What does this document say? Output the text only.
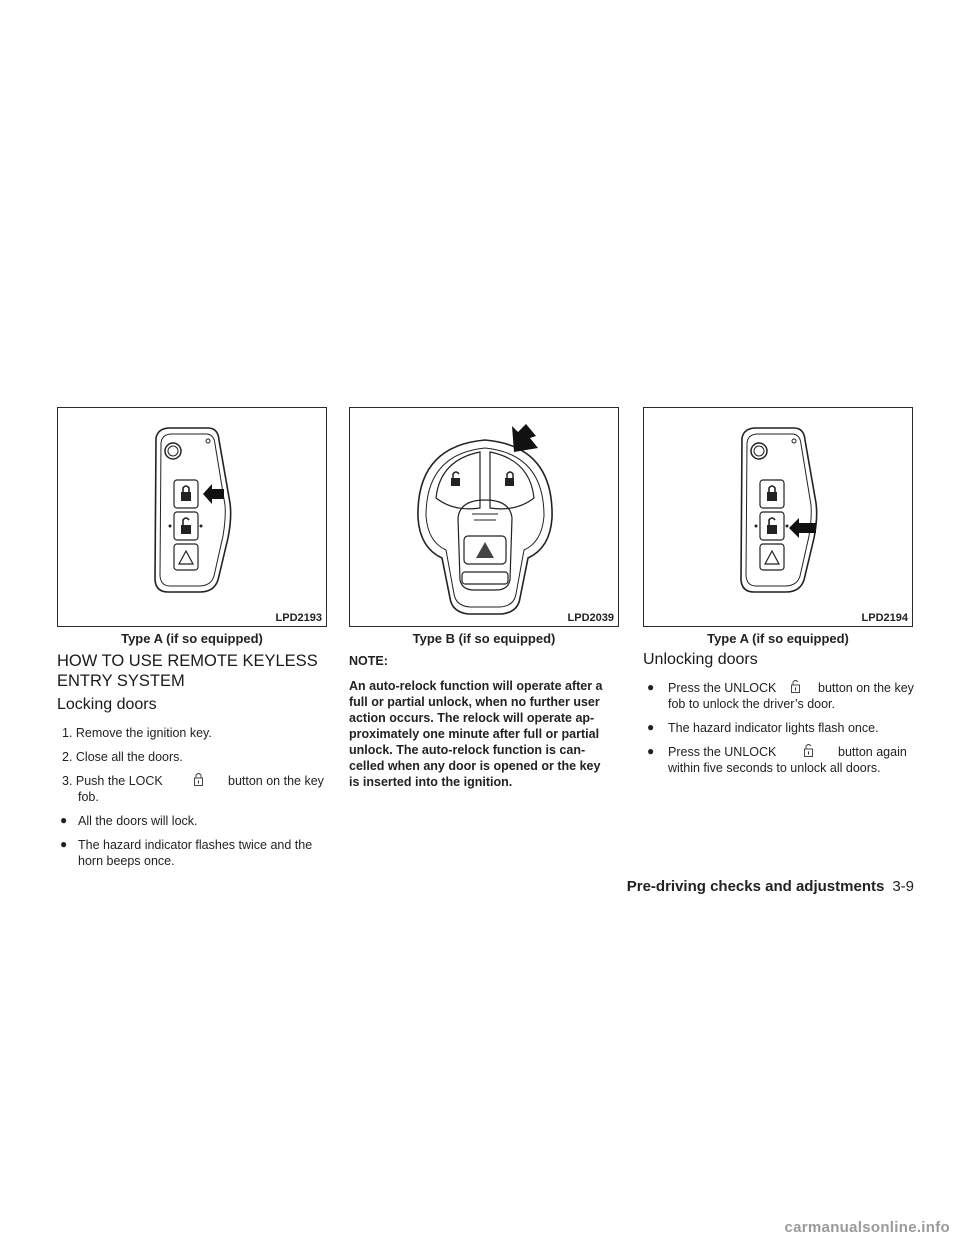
LPD2193
Type A (if so equipped)
LPD2039
Type B (if so equipped)
LPD2194
Type A (if so equipped)
HOW TO USE REMOTE KEYLESS
ENTRY SYSTEM
Locking doors
1. Remove the ignition key.
2. Close all the doors.
3. Push the LOCK	button on the key
fob.
● All the doors will lock.
● The hazard indicator flashes twice and the
horn beeps once.
NOTE:
An auto-relock function will operate after a
full or partial unlock, when no further user
action occurs. The relock will operate ap-
proximately one minute after full or partial
unlock. The auto-relock function is can-
celled when any door is opened or the key
is inserted into the ignition.
Unlocking doors
● Press the UNLOCK	button on the key
fob to unlock the driver’s door.
● The hazard indicator lights flash once.
● Press the UNLOCK	button again
within five seconds to unlock all doors.
Pre-driving checks and adjustments 3-9
carmanualsonline.info
